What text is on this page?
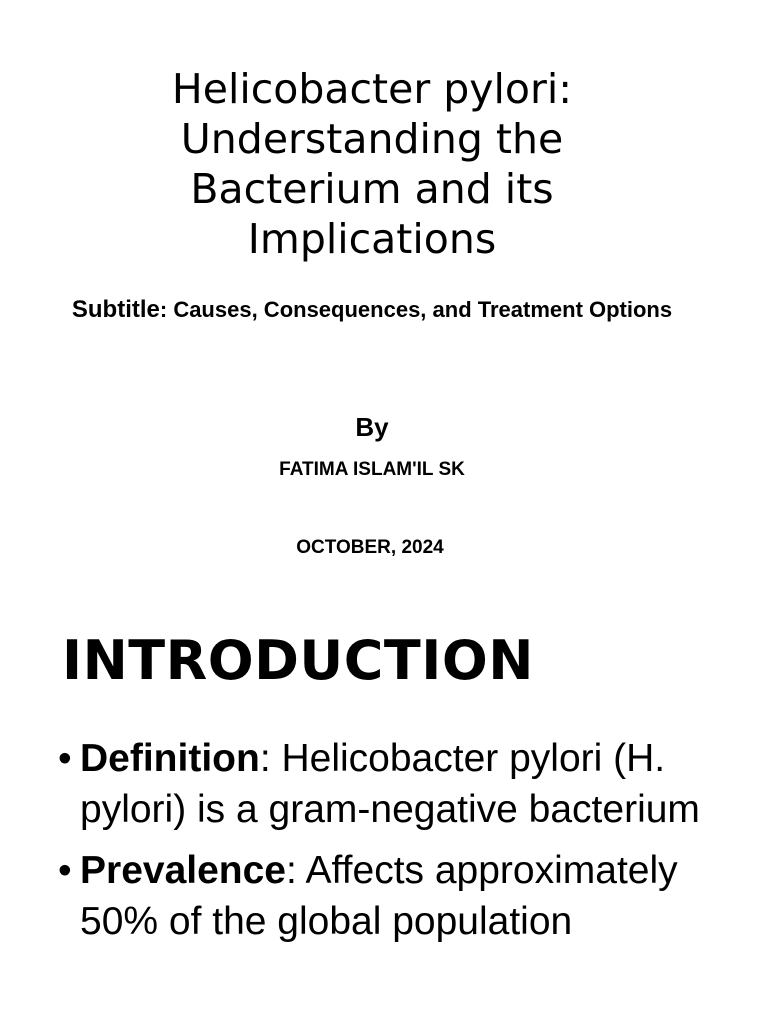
Helicobacter pylori: Understanding the Bacterium and its Implications

Subtitle: Causes, Consequences, and Treatment Options

By

FATIMA ISLAM'IL SK

OCTOBER, 2024

INTRODUCTION
• Definition: Helicobacter pylori (H. pylori) is a gram-negative bacterium
• Prevalence: Affects approximately 50% of the global population
